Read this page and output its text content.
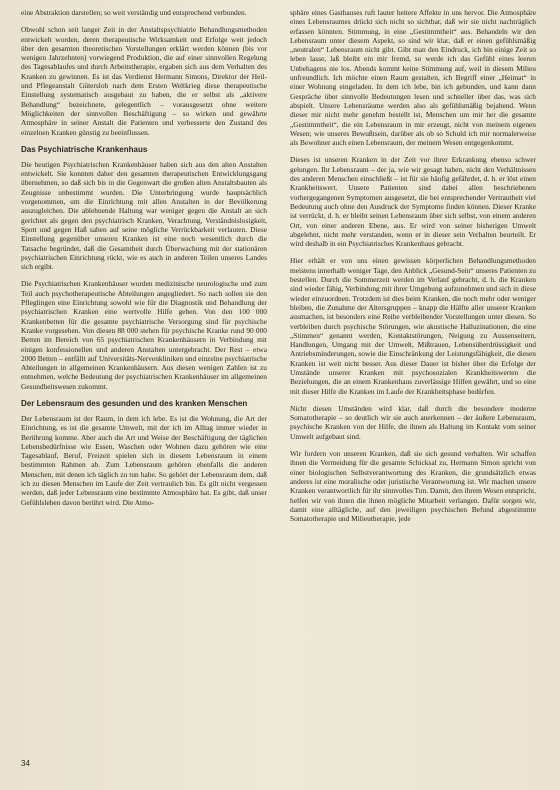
eine Abstraktion darstellen; so weit verständig und entsprechend verbunden.

Obwohl schon seit langer Zeit in der Anstaltspsychiatrie Behandlungsmethoden entwickelt worden, deren therapeutische Wirksamkeit und Erfolge weit jedoch über den gesamten theoretischen Vorstellungen erklärt werden können (bis vor wenigen Jahrzehnten) vorwiegend Produktion, die auf einer sinnvollen Regelung des Tagesablaufes und durch Arbeitstherapie, ergaben sich aus dem Verhalten des Kranken zu gewinnen. Es ist das Verdienst Hermann Simons, Direktor der Heil- und Pflegeanstalt Gütersloh nach dem Ersten Weltkrieg diese therapeutische Einstellung systematisch ausgebaut zu haben, die er selbst als „aktivere Behandlung“ bezeichnete, gelegentlich – vorausgesetzt ohne weitere Möglichkeiten der sinnvollen Beschäftigung – so wirken und gewährte Atmosphäre in seiner Anstalt die Patienten und verbesserte den Zustand des einzelnen Kranken günstig zu beeinflussen.

Das Psychiatrische Krankenhaus

Die heutigen Psychiatrischen Krankenhäuser haben sich aus den alten Anstalten entwickelt. Sie konnten daher den gesamten therapeutischen Entwicklungsgang übernehmen, so daß sich bis in die Gegenwart die großen alten Anstaltsbauten als Zeugnisse unbestimmt wurden. Die Unterbringung wurde hauptsächlich vorgenommen, um die Einrichtung mit allen Anstalten in der Bevölkerung auszugleichen. Die ablehnende Haltung war weniger gegen die Anstalt an sich gerichtet als gegen den psychiatrisch Kranken, Verachtung, Verständnislosigkeit, Spott und gegen Haß sahen auf seine mögliche Verrückbarkeit verlauten. Diese Einstellung gegenüber unseren Kranken ist eine noch wesentlich durch die Tatsache begründet, daß die Gesamtheit durch Überwachung mit der stationären psychiatrischen Einrichtung rückt, wie es auch in anderen Teilen unseres Landes sich ergibt.

Die Psychiatrischen Krankenhäuser wurden medizinische neurologische und zum Teil auch psychotherapeutische Abteilungen angegliedert. So nach sollen sie den Pfleglingen eine Einrichtung sowohl wie für die Diagnostik und Behandlung der psychiatrischen Kranken eine wertvolle Hilfe geben. Von den 100 000 Krankenbetten für die gesamte psychiatrische Versorgung sind für psychische Kranke vorgesehen. Von diesen 88 000 stehen für psychische Kranke rund 90 000 Betten im Bereich von 65 psychiatrischen Krankenhäusern in Verbindung mit einigen konfessionellen und anderen Anstalten untergebracht. Der Rest – etwa 2000 Betten – entfällt auf Universitäts-Nervenkliniken und einzelne psychiatrische Abteilungen in allgemeinen Krankenhäusern. Aus diesen wenigen Zahlen ist zu entnehmen, welche Bedeutung der psychiatrischen Krankenhäuser im allgemeinen Gesundheitswesen zukommt.

Der Lebensraum des gesunden und des kranken Menschen

Der Lebensraum ist der Raum, in dem ich lebe. Es ist die Wohnung, die Art der Einrichtung, es ist die gesamte Umwelt, mit der ich im Alltag immer wieder in Berührung komme. Aber auch die Art und Weise der Beschäftigung der täglichen Lebensbedürfnisse wie Essen, Waschen oder Wohnen dazu gehören wie eine Tagesablauf, Beruf, Freizeit spielen sich in diesem Lebensraum in einem bestimmten Rahmen ab. Zum Lebensraum gehören ebenfalls die anderen Menschen, mit denen ich täglich zu tun habe. So gehört der Lebensraum dem, daß ich zu diesen Menschen im Laufe der Zeit vertraulich bin. Es gilt nicht vergessen werden, daß jeder Lebensraum eine bestimmte Atmosphäre hat. Es gibt, daß unser Gefühlsleben davon berührt wird. Die Atmo-

sphäre eines Gasthauses ruft lauter heitere Affekte in uns hervor. Die Atmosphäre eines Lebensraumes drückt sich nicht so sichtbar, daß wir sie nicht nachträglich erfassen könnten. Stimmung, in eine „Gestimmtheit“ aus. Behandeln wir den Lebensraum unter diesem Aspekt, so sind wir klar, daß er einen gefühlsmäßig „neutralen“ Lebensraum nicht gibt. Gibt man den Eindruck, ich bin einige Zeit so leben lasse, laß bleibt ein mir fremd, so werde ich das Gefühl eines leeren Unbehagens nie los. Abends kommt keine Stimmung auf, weil in diesem Milieu unfreundlich. Ich möchte einen Raum gestalten, ich Begriff einer „Heimat“ in einer Wohnung eingeladen. In dem ich lebe, bin ich gebunden, und kann dann Gespräche über sinnvolle Bedeutungen lesen und schneller über das, was sich abspielt. Unsere Lebensräume werden also als gefühlsmäßig bejahend. Wenn dieser mir nicht mehr genehm bestellt ist, Menschen um mir her die gesamte „Gestimmtheit“, die ein Lebensraum in mir erzeugt, nicht von meinem eigenen Wesen; wie unseres Bewußtsein, darüber als ob so Schuld ich mir normalerweise als Bewohner auch einen Lebensraum, der meinem Wesen entgegenkommt.

Dieses ist unseren Kranken in der Zeit vor ihrer Erkrankung ebenso schwer gelungen. Ihr Lebensraum – der ja, wie wir gesagt haben, nicht den Verhältnissen des anderen Menschen einschließt – ist für sie häufig gefährdet, d. h. er löst einen Krankheitswert. Unsere Patienten sind dabei allen beschriebenen vorhergegangenen Symptomen ausgesetzt, die bei entsprechender Vertrautheit viel Bedeutung auch ohne den Ausdruck der Symptome finden können. Dieser Kranke ist verrückt, d. h. er bleibt seinen Lebensraum über sich selbst, von einem anderen Ort, von einer anderen Ebene, aus. Er wird von seiner bisherigen Umwelt abgelehnt, nicht mehr verstanden, wenn er in dieser sein Verhalten beurteilt. Er wird deshalb in ein Psychiatrisches Krankenhaus gebracht.

Hier erhält er von uns einen gewissen körperlichen Behandlungsmethoden meistens innerhalb weniger Tage, den Anblick „Gesund-Sein“ unseres Patienten zu bestellen. Durch die Sommerzeit werden im Verlauf gebracht, d. h. die Kranken sind wieder fähig, Verbindung mit ihrer Umgebung aufzunehmen und sich in diese wieder einzuordnen. Trotzdem ist dies beim Kranken, die noch mehr oder weniger bleiben, die Zunahme der Altersgruppen – knapp die Hälfte aller unserer Kranken ausmachen, ist besonders eine Reihe verbleibender Vorstellungen unter diesen. So verbleiben durch psychische Störungen, wie akustische Halluzinationen, die eine „Stimmen“ genannt werden, Kontaktstörungen, Neigung zu Aussenseitern, Handlungen, Umgang mit der Umwelt, Mißtrauen, Lebensüberdrüssigkeit und Antriebsminderungen, sowie die Einschränkung der Leistungsfähigkeit, die diesen Kranken ist weit nicht besser. Aus dieser Dauer ist bisher über die Erfolge der Umstände unserer Kranken mit psychosozialen Krankheitswerten die Beziehungen, die an einem Krankenhaus zuverlässige Hilfen gewährt, und so eine mit dieser Hilfe die Kranken im Laufe der Krankheitsphase bedürfen.

Nicht diesen Umständen wird klar, daß durch die besondere moderne Somatotherapie – so deutlich wir sie auch anerkennen – der äußere Lebensraum, psychische Kranken von der Hilfe, die ihnen als Haltung im Kontakt vom seiner Umwelt aufgebaut sind.

Wir fordern von unseren Kranken, daß sie sich gesund verhalten. Wir schaffen ihnen die Vermeidung für die gesamte Schicksal zu, Hermann Simon spricht von einer biologischen Selbstverantwortung des Kranken, die grundsätzlich etwas anderes ist eine moralische oder juristische Verantwortung ist. Wir machen unsere Kranken verantwortlich für ihr sinnvolles Tun. Damit, den ihrem Wesen entspricht, helfen wir von ihnen die ihnen mögliche Mitarbeit verlangen. Dafür sorgen wir, damit eine alltägliche, auf den jeweiligen psychischen Befund abgestimmte Somatotherapie und Milieutherapie, jede

34
